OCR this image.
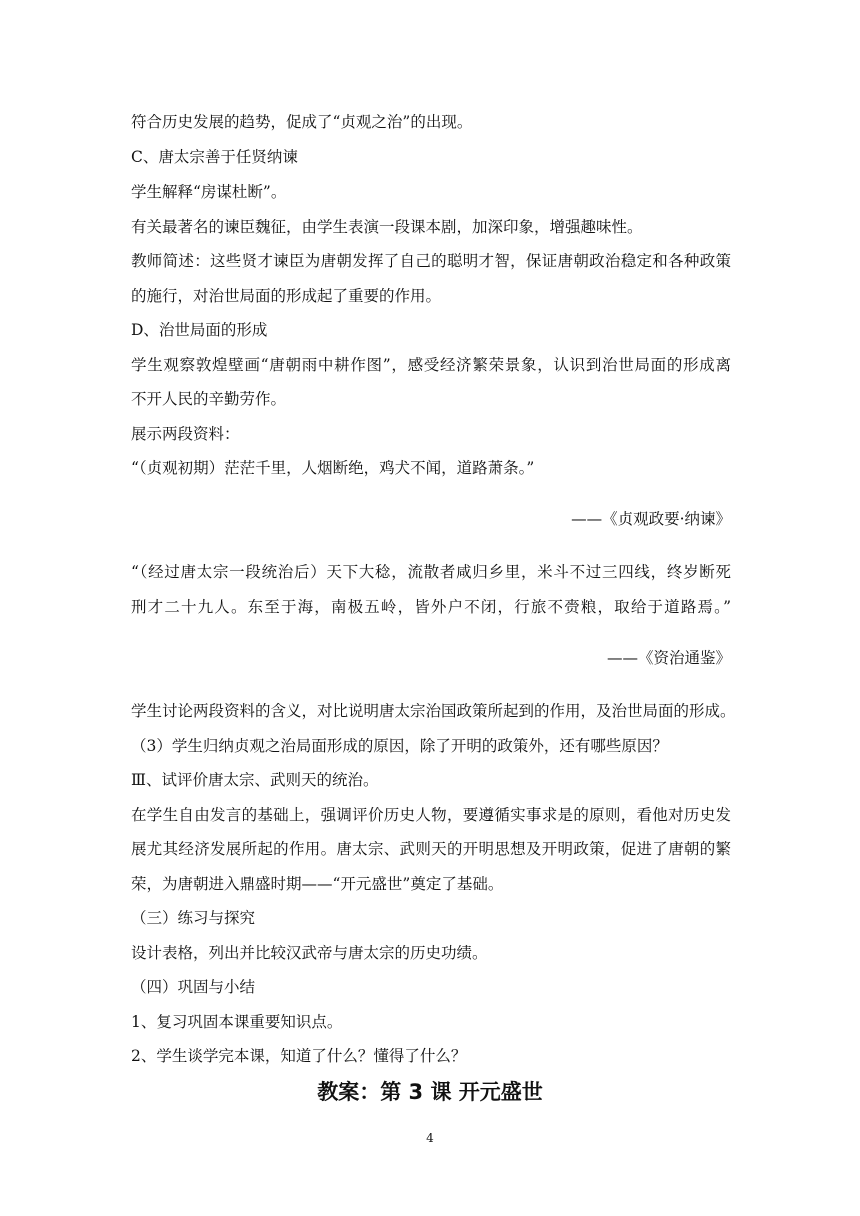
符合历史发展的趋势，促成了“贞观之治”的出现。
C、唐太宗善于任贤纳谏
学生解释“房谋杜断”。
有关最著名的谏臣魏征，由学生表演一段课本剧，加深印象，增强趣味性。
教师简述：这些贤才谏臣为唐朝发挥了自己的聪明才智，保证唐朝政治稳定和各种政策
的施行，对治世局面的形成起了重要的作用。
D、治世局面的形成
学生观察敦煌壁画“唐朝雨中耕作图”，感受经济繁荣景象，认识到治世局面的形成离
不开人民的辛勤劳作。
展示两段资料：
“（贞观初期）茫茫千里，人烟断绝，鸡犬不闻，道路萧条。”
——《贞观政要·纳谏》
“（经过唐太宗一段统治后）天下大稔，流散者咸归乡里，米斗不过三四线，终岁断死
刑才二十九人。东至于海，南极五岭，皆外户不闭，行旅不赍粮，取给于道路焉。”
——《资治通鉴》
学生讨论两段资料的含义，对比说明唐太宗治国政策所起到的作用，及治世局面的形成。
（3）学生归纳贞观之治局面形成的原因，除了开明的政策外，还有哪些原因？
Ⅲ、试评价唐太宗、武则天的统治。
在学生自由发言的基础上，强调评价历史人物，要遵循实事求是的原则，看他对历史发
展尤其经济发展所起的作用。唐太宗、武则天的开明思想及开明政策，促进了唐朝的繁
荣，为唐朝进入鼎盛时期——“开元盛世”奠定了基础。
（三）练习与探究
设计表格，列出并比较汉武帝与唐太宗的历史功绩。
（四）巩固与小结
1、复习巩固本课重要知识点。
2、学生谈学完本课，知道了什么？懂得了什么？
教案：第 3 课 开元盛世
4
